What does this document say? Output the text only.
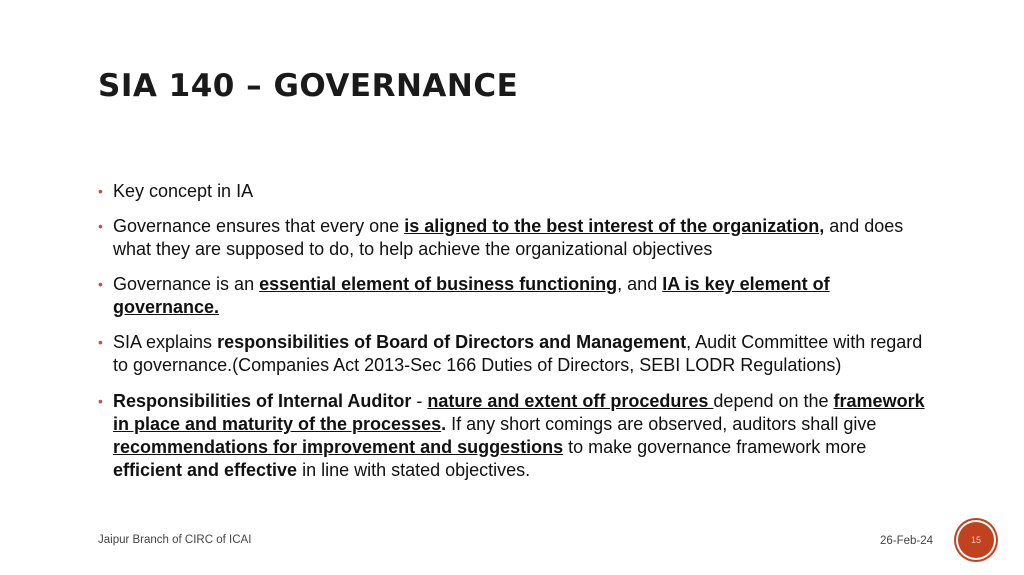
SIA 140 – GOVERNANCE
• Key concept in IA
• Governance ensures that every one is aligned to the best interest of the organization, and does what they are supposed to do, to help achieve the organizational objectives
• Governance is an essential element of business functioning, and IA is key element of governance.
• SIA explains responsibilities of Board of Directors and Management, Audit Committee with regard to governance.(Companies Act 2013-Sec 166 Duties of Directors, SEBI LODR Regulations)
• Responsibilities of Internal Auditor - nature and extent off procedures depend on the framework in place and maturity of the processes. If any short comings are observed, auditors shall give recommendations for improvement and suggestions to make governance framework more efficient and effective in line with stated objectives.
Jaipur Branch of CIRC of ICAI	26-Feb-24	15
